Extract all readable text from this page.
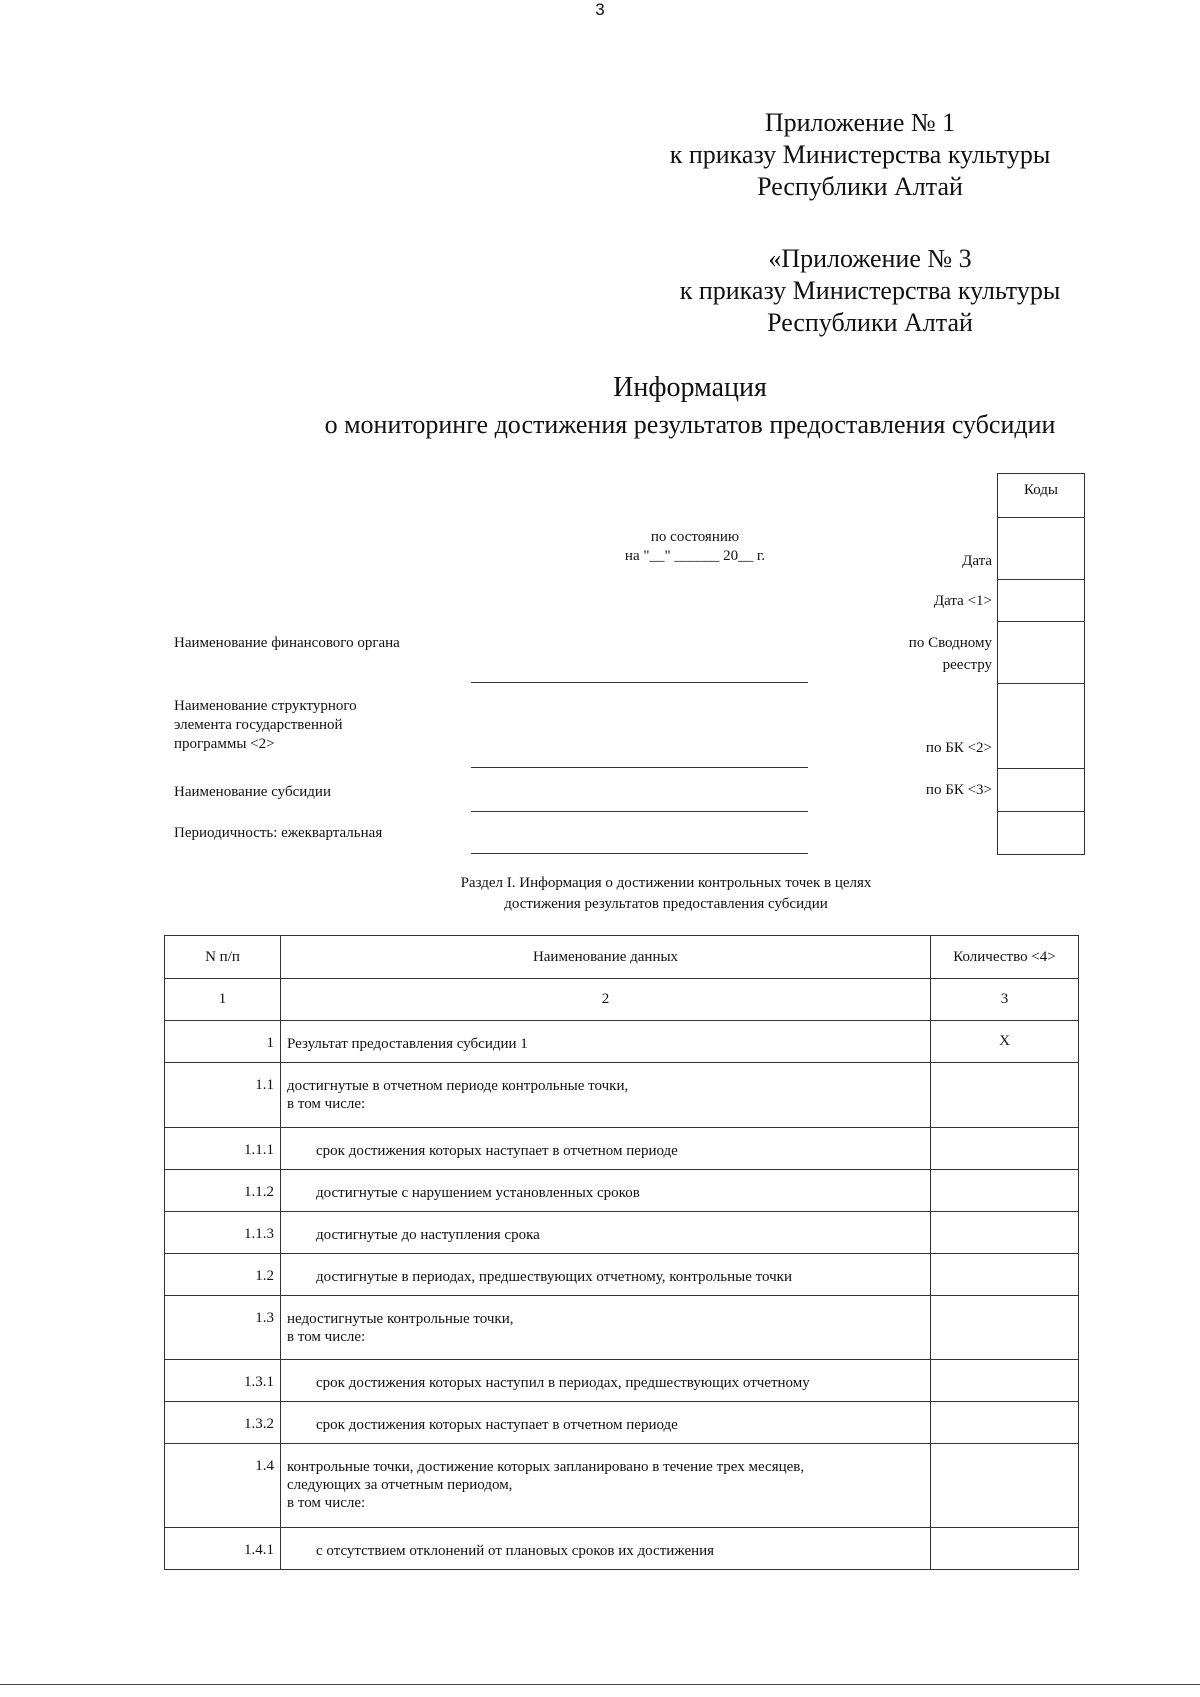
3
Приложение № 1
к приказу Министерства культуры
Республики Алтай
«Приложение № 3
к приказу Министерства культуры
Республики Алтай
Информация
о мониторинге достижения результатов предоставления субсидии
по состоянию
на "__" ______ 20__ г.
Наименование финансового органа
Наименование структурного
элемента государственной
программы <2>
Наименование субсидии
Периодичность: ежеквартальная
Дата
Дата <1>
по Сводному
реестру
по БК <2>
по БК <3>
Коды
Раздел I. Информация о достижении контрольных точек в целях
достижения результатов предоставления субсидии
N п/п	Наименование данных	Количество <4>
1	2	3
1	Результат предоставления субсидии 1	X
1.1	достигнутые в отчетном периоде контрольные точки,
в том числе:	

1.1.1	срок достижения которых наступает в отчетном периоде	
1.1.2	достигнутые с нарушением установленных сроков	
1.1.3	достигнутые до наступления срока	
1.2	достигнутые в периодах, предшествующих отчетному, контрольные точки	
1.3	недостигнутые контрольные точки,
в том числе:	

1.3.1	срок достижения которых наступил в периодах, предшествующих отчетному	
1.3.2	срок достижения которых наступает в отчетном периоде	
1.4	контрольные точки, достижение которых запланировано в течение трех месяцев,
следующих за отчетным периодом,
в том числе:	

1.4.1	с отсутствием отклонений от плановых сроков их достижения	
